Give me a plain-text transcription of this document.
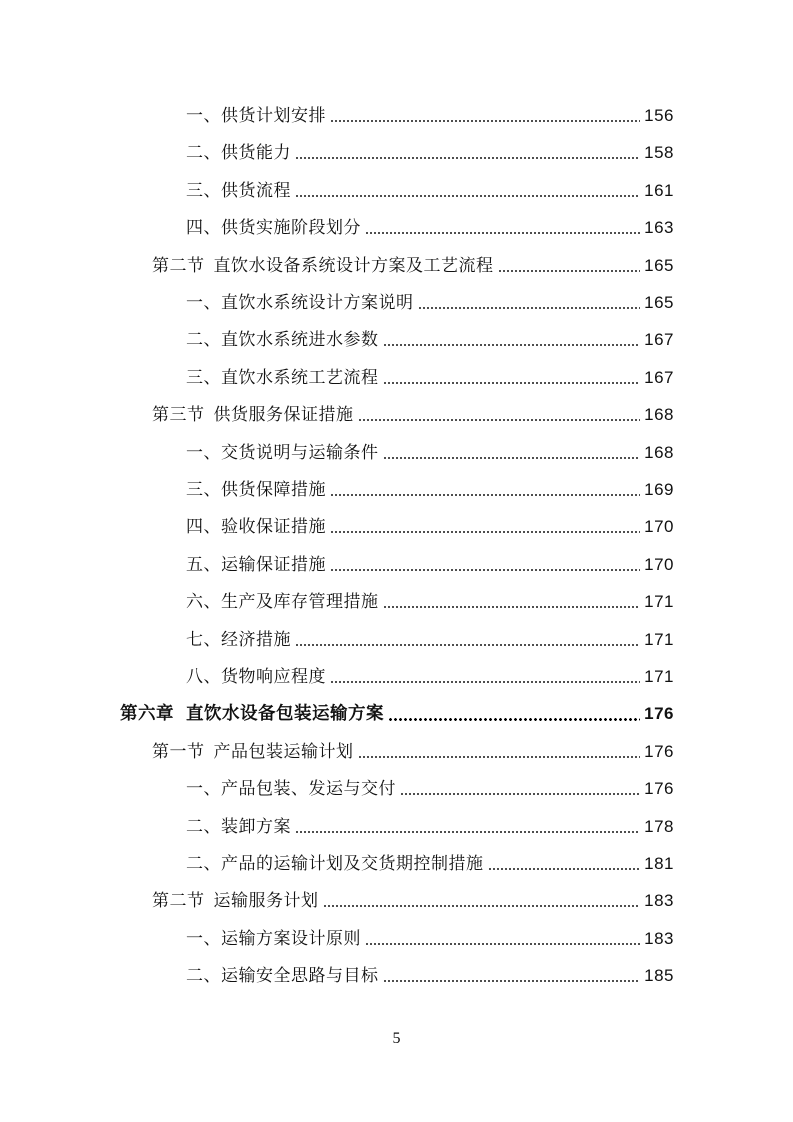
一、供货计划安排	156
二、供货能力	158
三、供货流程	161
四、供货实施阶段划分	163
第二节 直饮水设备系统设计方案及工艺流程	165
一、直饮水系统设计方案说明	165
二、直饮水系统进水参数	167
三、直饮水系统工艺流程	167
第三节 供货服务保证措施	168
一、交货说明与运输条件	168
三、供货保障措施	169
四、验收保证措施	170
五、运输保证措施	170
六、生产及库存管理措施	171
七、经济措施	171
八、货物响应程度	171
第六章 直饮水设备包装运输方案	176
第一节 产品包装运输计划	176
一、产品包装、发运与交付	176
二、装卸方案	178
二、产品的运输计划及交货期控制措施	181
第二节 运输服务计划	183
一、运输方案设计原则	183
二、运输安全思路与目标	185
5
